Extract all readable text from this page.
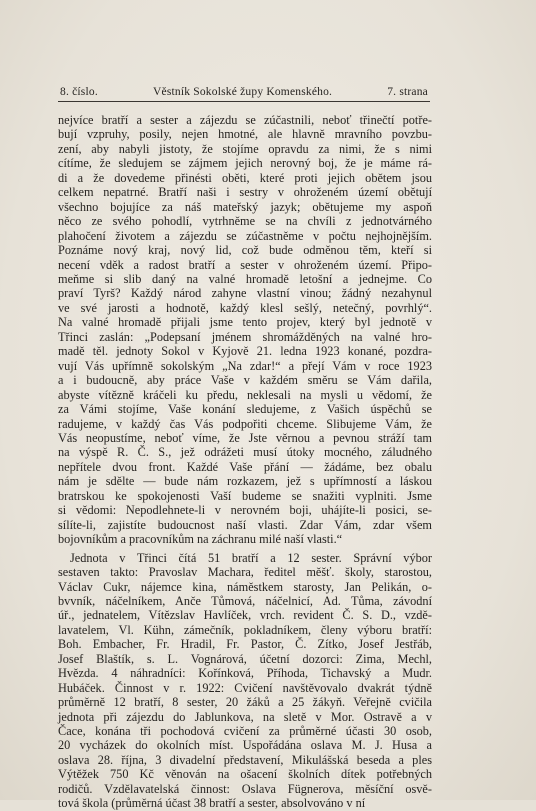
8. číslo.	Věstník Sokolské župy Komenského.	7. strana
nejvíce bratří a sester a zájezdu se zúčastnili, neboť třinečtí potře-
bují vzpruhy, posily, nejen hmotné, ale hlavně mravního povzbu-
zení, aby nabyli jistoty, že stojíme opravdu za nimi, že s nimi
cítíme, že sledujem se zájmem jejich nerovný boj, že je máme rá-
di a že dovedeme přinésti oběti, které proti jejich obětem jsou
celkem nepatrné. Bratří naši i sestry v ohroženém území obětují
všechno bojujíce za náš mateřský jazyk; obětujeme my aspoň
něco ze svého pohodlí, vytrhněme se na chvíli z jednotvárného
plahočení životem a zájezdu se zúčastněme v počtu nejhojnějším.
Poznáme nový kraj, nový lid, což bude odměnou těm, kteří si
necení vděk a radost bratří a sester v ohroženém území. Připo-
meňme si slib daný na valné hromadě letošní a jednejme. Co
praví Tyrš? Každý národ zahyne vlastní vinou; žádný nezahynul
ve své jarosti a hodnotě, každý klesl sešlý, netečný, povrhlý“.
Na valné hromadě přijali jsme tento projev, který byl jednotě v
Třinci zaslán: „Podepsaní jménem shromážděných na valné hro-
madě těl. jednoty Sokol v Kyjově 21. ledna 1923 konané, pozdra-
vují Vás upřímně sokolským „Na zdar!“ a přejí Vám v roce 1923
a i budoucně, aby práce Vaše v každém směru se Vám dařila,
abyste vítězně kráčeli ku předu, neklesali na mysli u vědomí, že
za Vámi stojíme, Vaše konání sledujeme, z Vašich úspěchů se
radujeme, v každý čas Vás podpořiti chceme. Slibujeme Vám, že
Vás neopustíme, neboť víme, že Jste věrnou a pevnou stráží tam
na výspě R. Č. S., jež odrážeti musí útoky mocného, záludného
nepřítele dvou front. Každé Vaše přání — žádáme, bez obalu
nám je sdělte — bude nám rozkazem, jež s upřímností a láskou
bratrskou ke spokojenosti Vaší budeme se snažiti vyplniti. Jsme
si vědomi: Nepodlehnete-li v nerovném boji, uhájíte-li posici, se-
sílíte-li, zajistíte budoucnost naší vlasti. Zdar Vám, zdar všem
bojovníkům a pracovníkům na záchranu milé naší vlasti.“
Jednota v Třinci čítá 51 bratří a 12 sester. Správní výbor
sestaven takto: Pravoslav Machara, ředitel měšť. školy, starostou,
Václav Cukr, nájemce kina, náměstkem starosty, Jan Pelikán, o-
bvvník, náčelníkem, Anče Tůmová, náčelnicí, Ad. Tůma, závodní
úř., jednatelem, Vítězslav Havlíček, vrch. revident Č. S. D., vzdě-
lavatelem, Vl. Kühn, zámečník, pokladníkem, členy výboru bratří:
Boh. Embacher, Fr. Hradil, Fr. Pastor, Č. Zítko, Josef Jestřáb,
Josef Blaštík, s. L. Vognárová, účetní dozorci: Zima, Mechl,
Hvězda. 4 náhradníci: Kořínková, Příhoda, Tichavský a Mudr.
Hubáček. Činnost v r. 1922: Cvičení navštěvovalo dvakrát týdně
průměrně 12 bratří, 8 sester, 20 žáků a 25 žákyň. Veřejně cvičila
jednota při zájezdu do Jablunkova, na sletě v Mor. Ostravě a v
Čace, konána tři pochodová cvičení za průměrné účasti 30 osob,
20 vycházek do okolních míst. Uspořádána oslava M. J. Husa a
oslava 28. října, 3 divadelní představení, Mikulášská beseda a ples
Výtěžek 750 Kč věnován na ošacení školních dítek potřebných
rodičů. Vzdělavatelská činnost: Oslava Fügnerova, měsíční osvě-
tová škola (průměrná účast 38 bratří a sester, absolvováno v ní
